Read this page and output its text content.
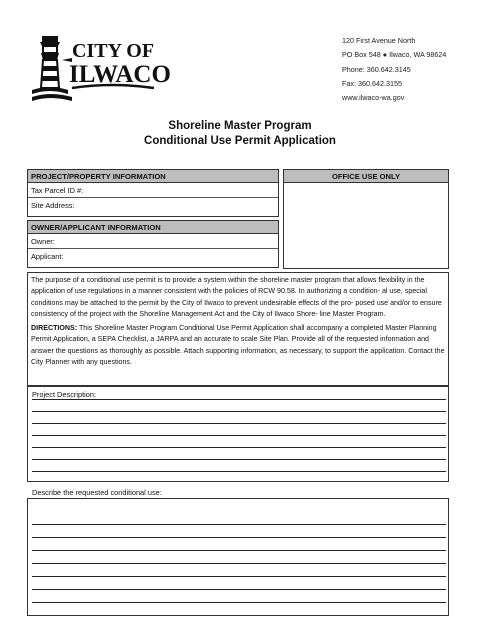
CITY OF
ILWACO
120 First Avenue North
PO Box 548 ● Ilwaco, WA 98624
Phone: 360.642.3145
Fax: 360.642.3155
www.ilwaco-wa.gov
Shoreline Master Program
Conditional Use Permit Application
PROJECT/PROPERTY INFORMATION
Tax Parcel ID #:
Site Address:
OWNER/APPLICANT INFORMATION
Owner:
Applicant:
OFFICE USE ONLY
The purpose of a conditional use permit is to provide a system within the shoreline master program that allows flexibility in the application of use regulations in a manner consistent with the policies of RCW 90.58. In authorizing a condition- al use, special conditions may be attached to the permit by the City of Ilwaco to prevent undesirable effects of the pro- posed use and/or to ensure consistency of the project with the Shoreline Management Act and the City of Ilwaco Shore- line Master Program.
DIRECTIONS: This Shoreline Master Program Conditional Use Permit Application shall accompany a completed Master Planning Permit Application, a SEPA Checklist, a JARPA and an accurate to scale Site Plan. Provide all of the requested information and answer the questions as thoroughly as possible. Attach supporting information, as necessary, to support the application. Contact the City Planner with any questions.
Project Description:
Describe the requested conditional use:
